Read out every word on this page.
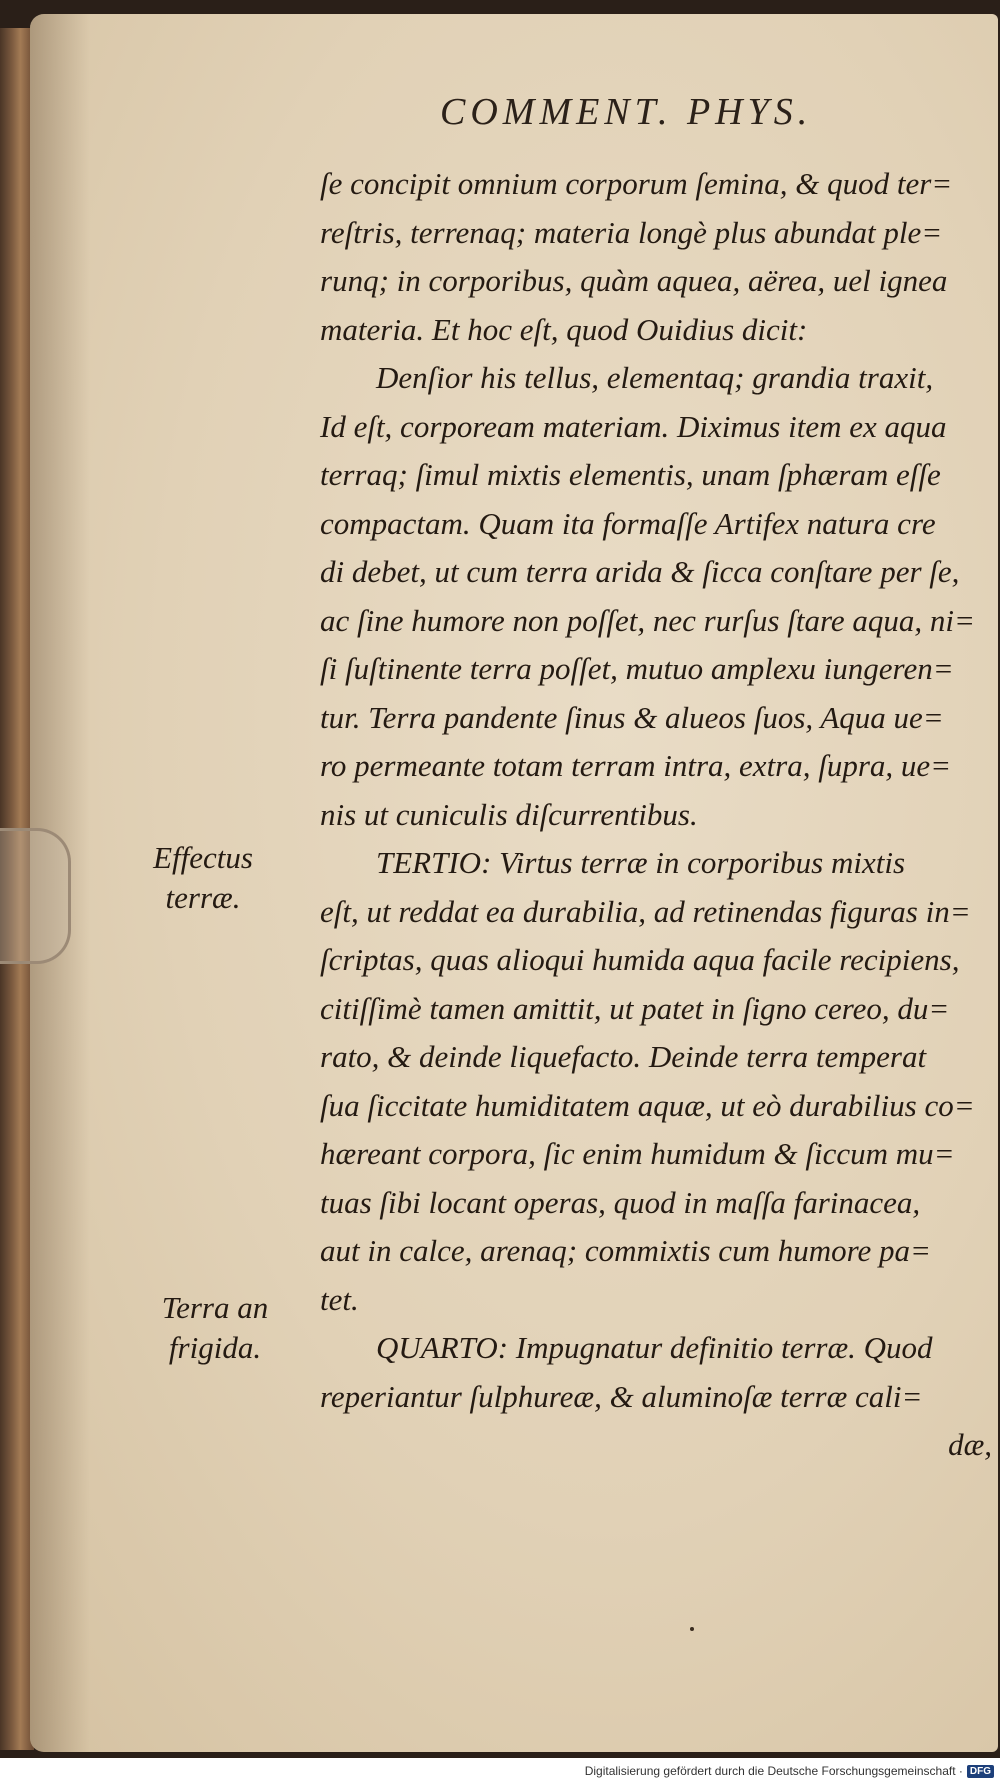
COMMENT. PHYS.
ſe concipit omnium corporum ſemina, & quod ter=
reſtris, terrenaq; materia longè plus abundat ple=
runq; in corporibus, quàm aquea, aërea, uel ignea
materia. Et hoc eſt, quod Ouidius dicit:
Denſior his tellus, elementaq; grandia traxit,
Id eſt, corpoream materiam. Diximus item ex aqua
terraq; ſimul mixtis elementis, unam ſphæram eſſe
compactam. Quam ita formaſſe Artifex natura cre
di debet, ut cum terra arida & ſicca conſtare per ſe,
ac ſine humore non poſſet, nec rurſus ſtare aqua, ni=
ſi ſuſtinente terra poſſet, mutuo amplexu iungeren=
tur. Terra pandente ſinus & alueos ſuos, Aqua ue=
ro permeante totam terram intra, extra, ſupra, ue=
nis ut cuniculis diſcurrentibus.
TERTIO: Virtus terræ in corporibus mixtis
eſt, ut reddat ea durabilia, ad retinendas figuras in=
ſcriptas, quas alioqui humida aqua facile recipiens,
citiſſimè tamen amittit, ut patet in ſigno cereo, du=
rato, & deinde liquefacto. Deinde terra temperat
ſua ſiccitate humiditatem aquæ, ut eò durabilius co=
hæreant corpora, ſic enim humidum & ſiccum mu=
tuas ſibi locant operas, quod in maſſa farinacea,
aut in calce, arenaq; commixtis cum humore pa=
tet.
QUARTO: Impugnatur definitio terræ. Quod
reperiantur ſulphureæ, & aluminoſæ terræ cali=
dæ,
Effectus
terræ.
Terra an
frigida.
Digitalisierung gefördert durch die Deutsche Forschungsgemeinschaft · DFG
